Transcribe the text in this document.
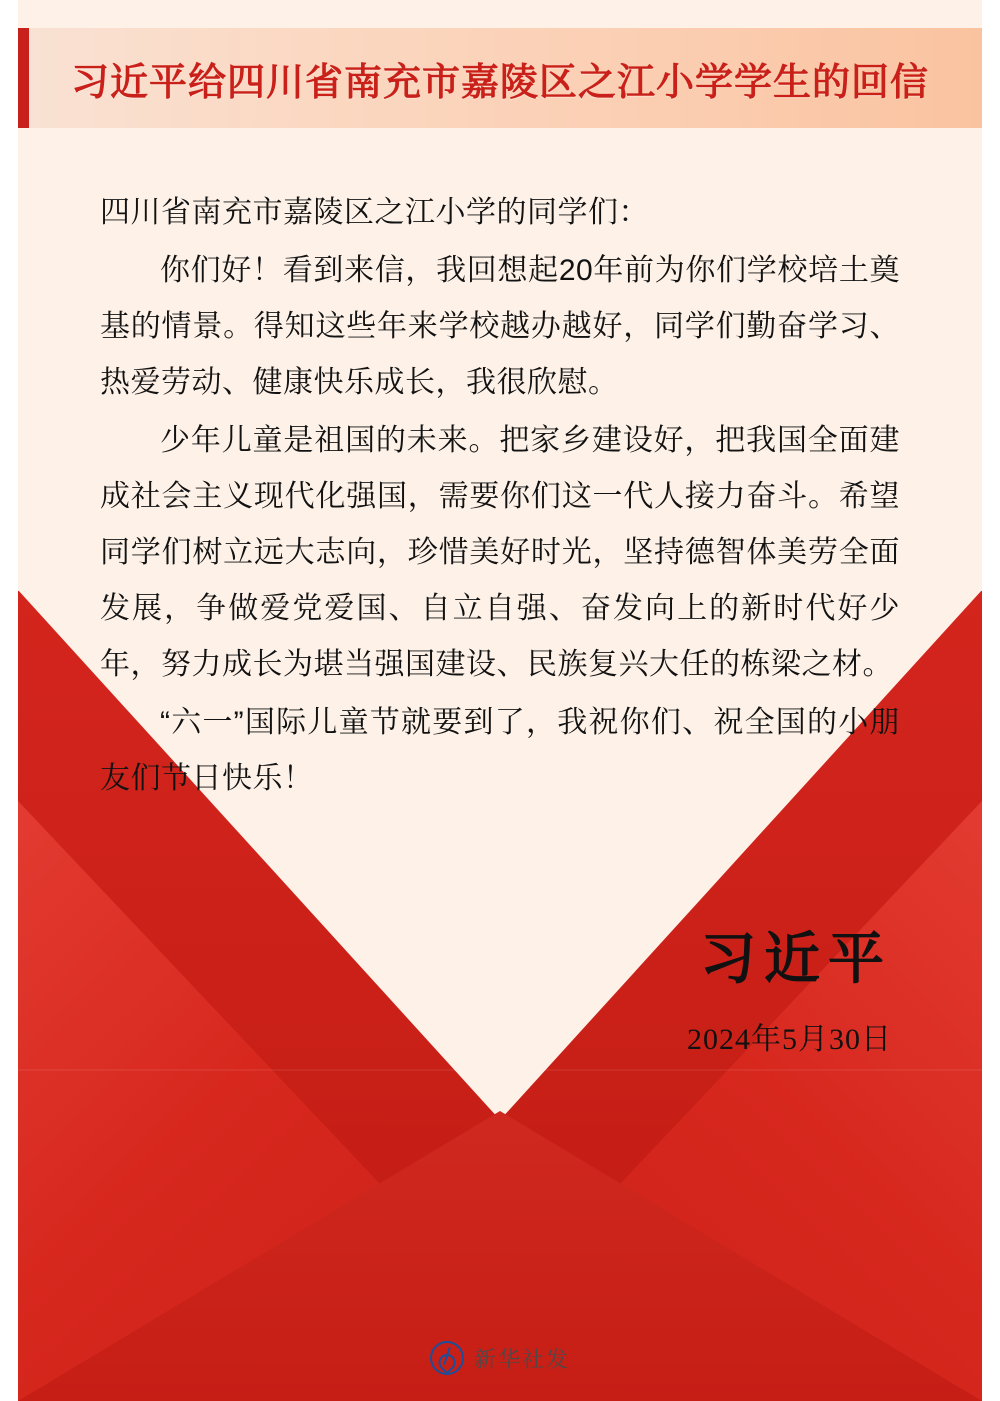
习近平给四川省南充市嘉陵区之江小学学生的回信

四川省南充市嘉陵区之江小学的同学们：

你们好！看到来信，我回想起20年前为你们学校培土奠基的情景。得知这些年来学校越办越好，同学们勤奋学习、热爱劳动、健康快乐成长，我很欣慰。

少年儿童是祖国的未来。把家乡建设好，把我国全面建成社会主义现代化强国，需要你们这一代人接力奋斗。希望同学们树立远大志向，珍惜美好时光，坚持德智体美劳全面发展，争做爱党爱国、自立自强、奋发向上的新时代好少年，努力成长为堪当强国建设、民族复兴大任的栋梁之材。

“六一”国际儿童节就要到了，我祝你们、祝全国的小朋友们节日快乐！

习近平
2024年5月30日
新华社发
